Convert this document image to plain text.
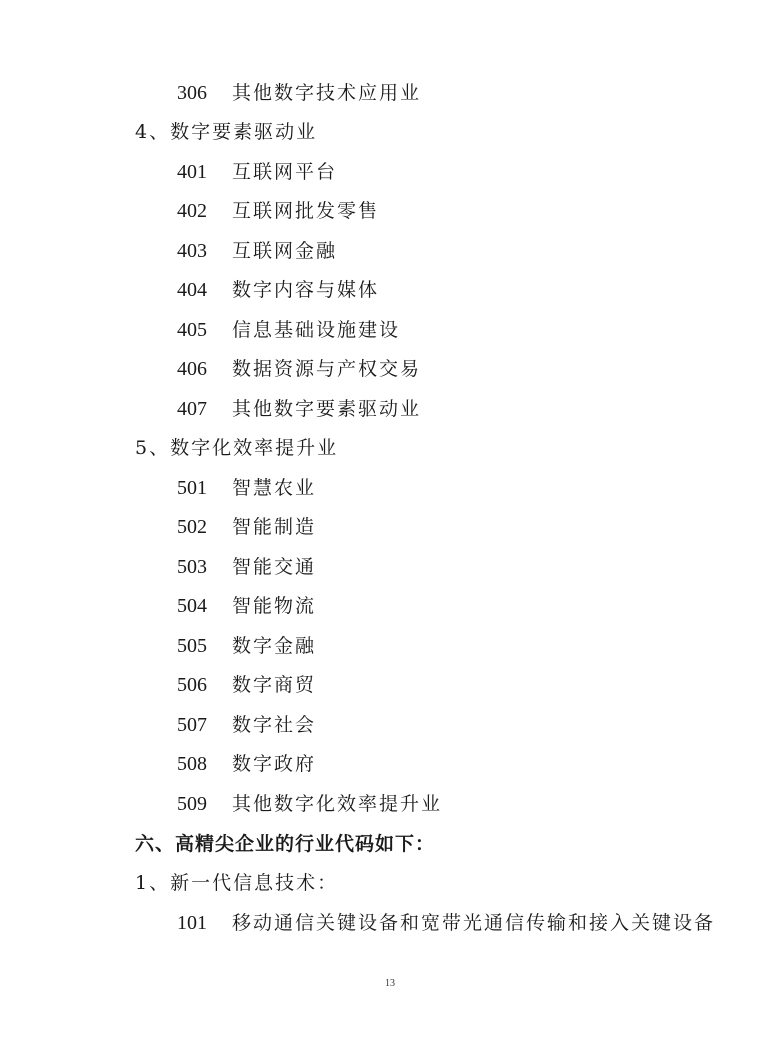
306 其他数字技术应用业
4、数字要素驱动业
401 互联网平台
402 互联网批发零售
403 互联网金融
404 数字内容与媒体
405 信息基础设施建设
406 数据资源与产权交易
407 其他数字要素驱动业
5、数字化效率提升业
501 智慧农业
502 智能制造
503 智能交通
504 智能物流
505 数字金融
506 数字商贸
507 数字社会
508 数字政府
509 其他数字化效率提升业
六、高精尖企业的行业代码如下：
1、新一代信息技术：
101 移动通信关键设备和宽带光通信传输和接入关键设备
13
